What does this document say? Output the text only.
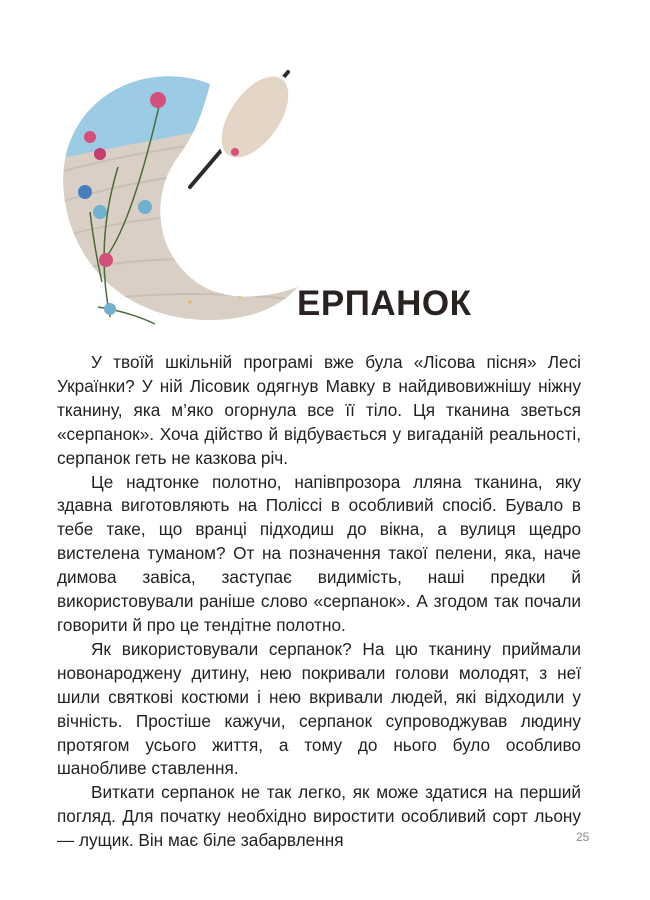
ЕРПАНОК

У твоїй шкільній програмі вже була «Лісова пісня» Лесі Українки? У ній Лісовик одягнув Мавку в найдивовижнішу ніжну тканину, яка м’яко огорнула все її тіло. Ця тканина зветься «серпанок». Хоча дійство й відбувається у вигаданій реальності, серпанок геть не казкова річ.

Це надтонке полотно, напівпрозора лляна тканина, яку здавна виготовляють на Поліссі в особливий спосіб. Бувало в тебе таке, що вранці підходиш до вікна, а вулиця щедро вистелена туманом? От на позначення такої пелени, яка, наче димова завіса, заступає видимість, наші предки й використовували раніше слово «серпанок». А згодом так почали говорити й про це тендітне полотно.

Як використовували серпанок? На цю тканину приймали новонароджену дитину, нею покривали голови молодят, з неї шили святкові костюми і нею вкривали людей, які відходили у вічність. Простіше кажучи, серпанок супроводжував людину протягом усього життя, а тому до нього було особливо шанобливе ставлення.

Виткати серпанок не так легко, як може здатися на перший погляд. Для початку необхідно виростити особливий сорт льону — лущик. Він має біле забарвлення	25
